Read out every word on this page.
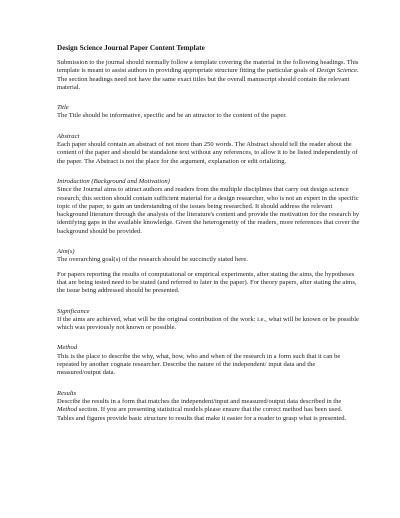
Design Science Journal Paper Content Template

Submission to the journal should normally follow a template covering the material in the following headings. This template is meant to assist authors in providing appropriate structure fitting the particular goals of Design Science. The section headings need not have the same exact titles but the overall manuscript should contain the relevant material.

Title

The Title should be informative, specific and be an attractor to the content of the paper.

Abstract

Each paper should contain an abstract of not more than 250 words. The Abstract should tell the reader about the content of the paper and should be standalone text without any references, to allow it to be listed independently of the paper. The Abstract is not the place for the argument, explanation or edit orializing.

Introduction (Background and Motivation)

Since the Journal aims to attract authors and readers from the multiple disciplines that carry out design science research, this section should contain sufficient material for a design researcher, who is not an expert in the specific topic of the paper, to gain an understanding of the issues being researched. It should address the relevant background literature through the analysis of the literature's content and provide the motivation for the research by identifying gaps in the available knowledge. Given the heterogeneity of the readers, more references that cover the background should be provided.

Aim(s)

The overarching goal(s) of the research should be succinctly stated here.

For papers reporting the results of computational or empirical experiments, after stating the aims, the hypotheses that are being tested need to be stated (and referred to later in the paper). For theory papers, after stating the aims, the issue being addressed should be presented.

Significance

If the aims are achieved, what will be the original contribution of the work: i.e., what will be known or be possible which was previously not known or possible.

Method

This is the place to describe the why, what, how, who and when of the research in a form such that it can be repeated by another cognate researcher. Describe the nature of the independent/ input data and the measured/output data.

Results

Describe the results in a form that matches the independent/input and measured/output data described in the Method section. If you are presenting statistical models please ensure that the correct method has been used. Tables and figures provide basic structure to results that make it easier for a reader to grasp what is presented.
